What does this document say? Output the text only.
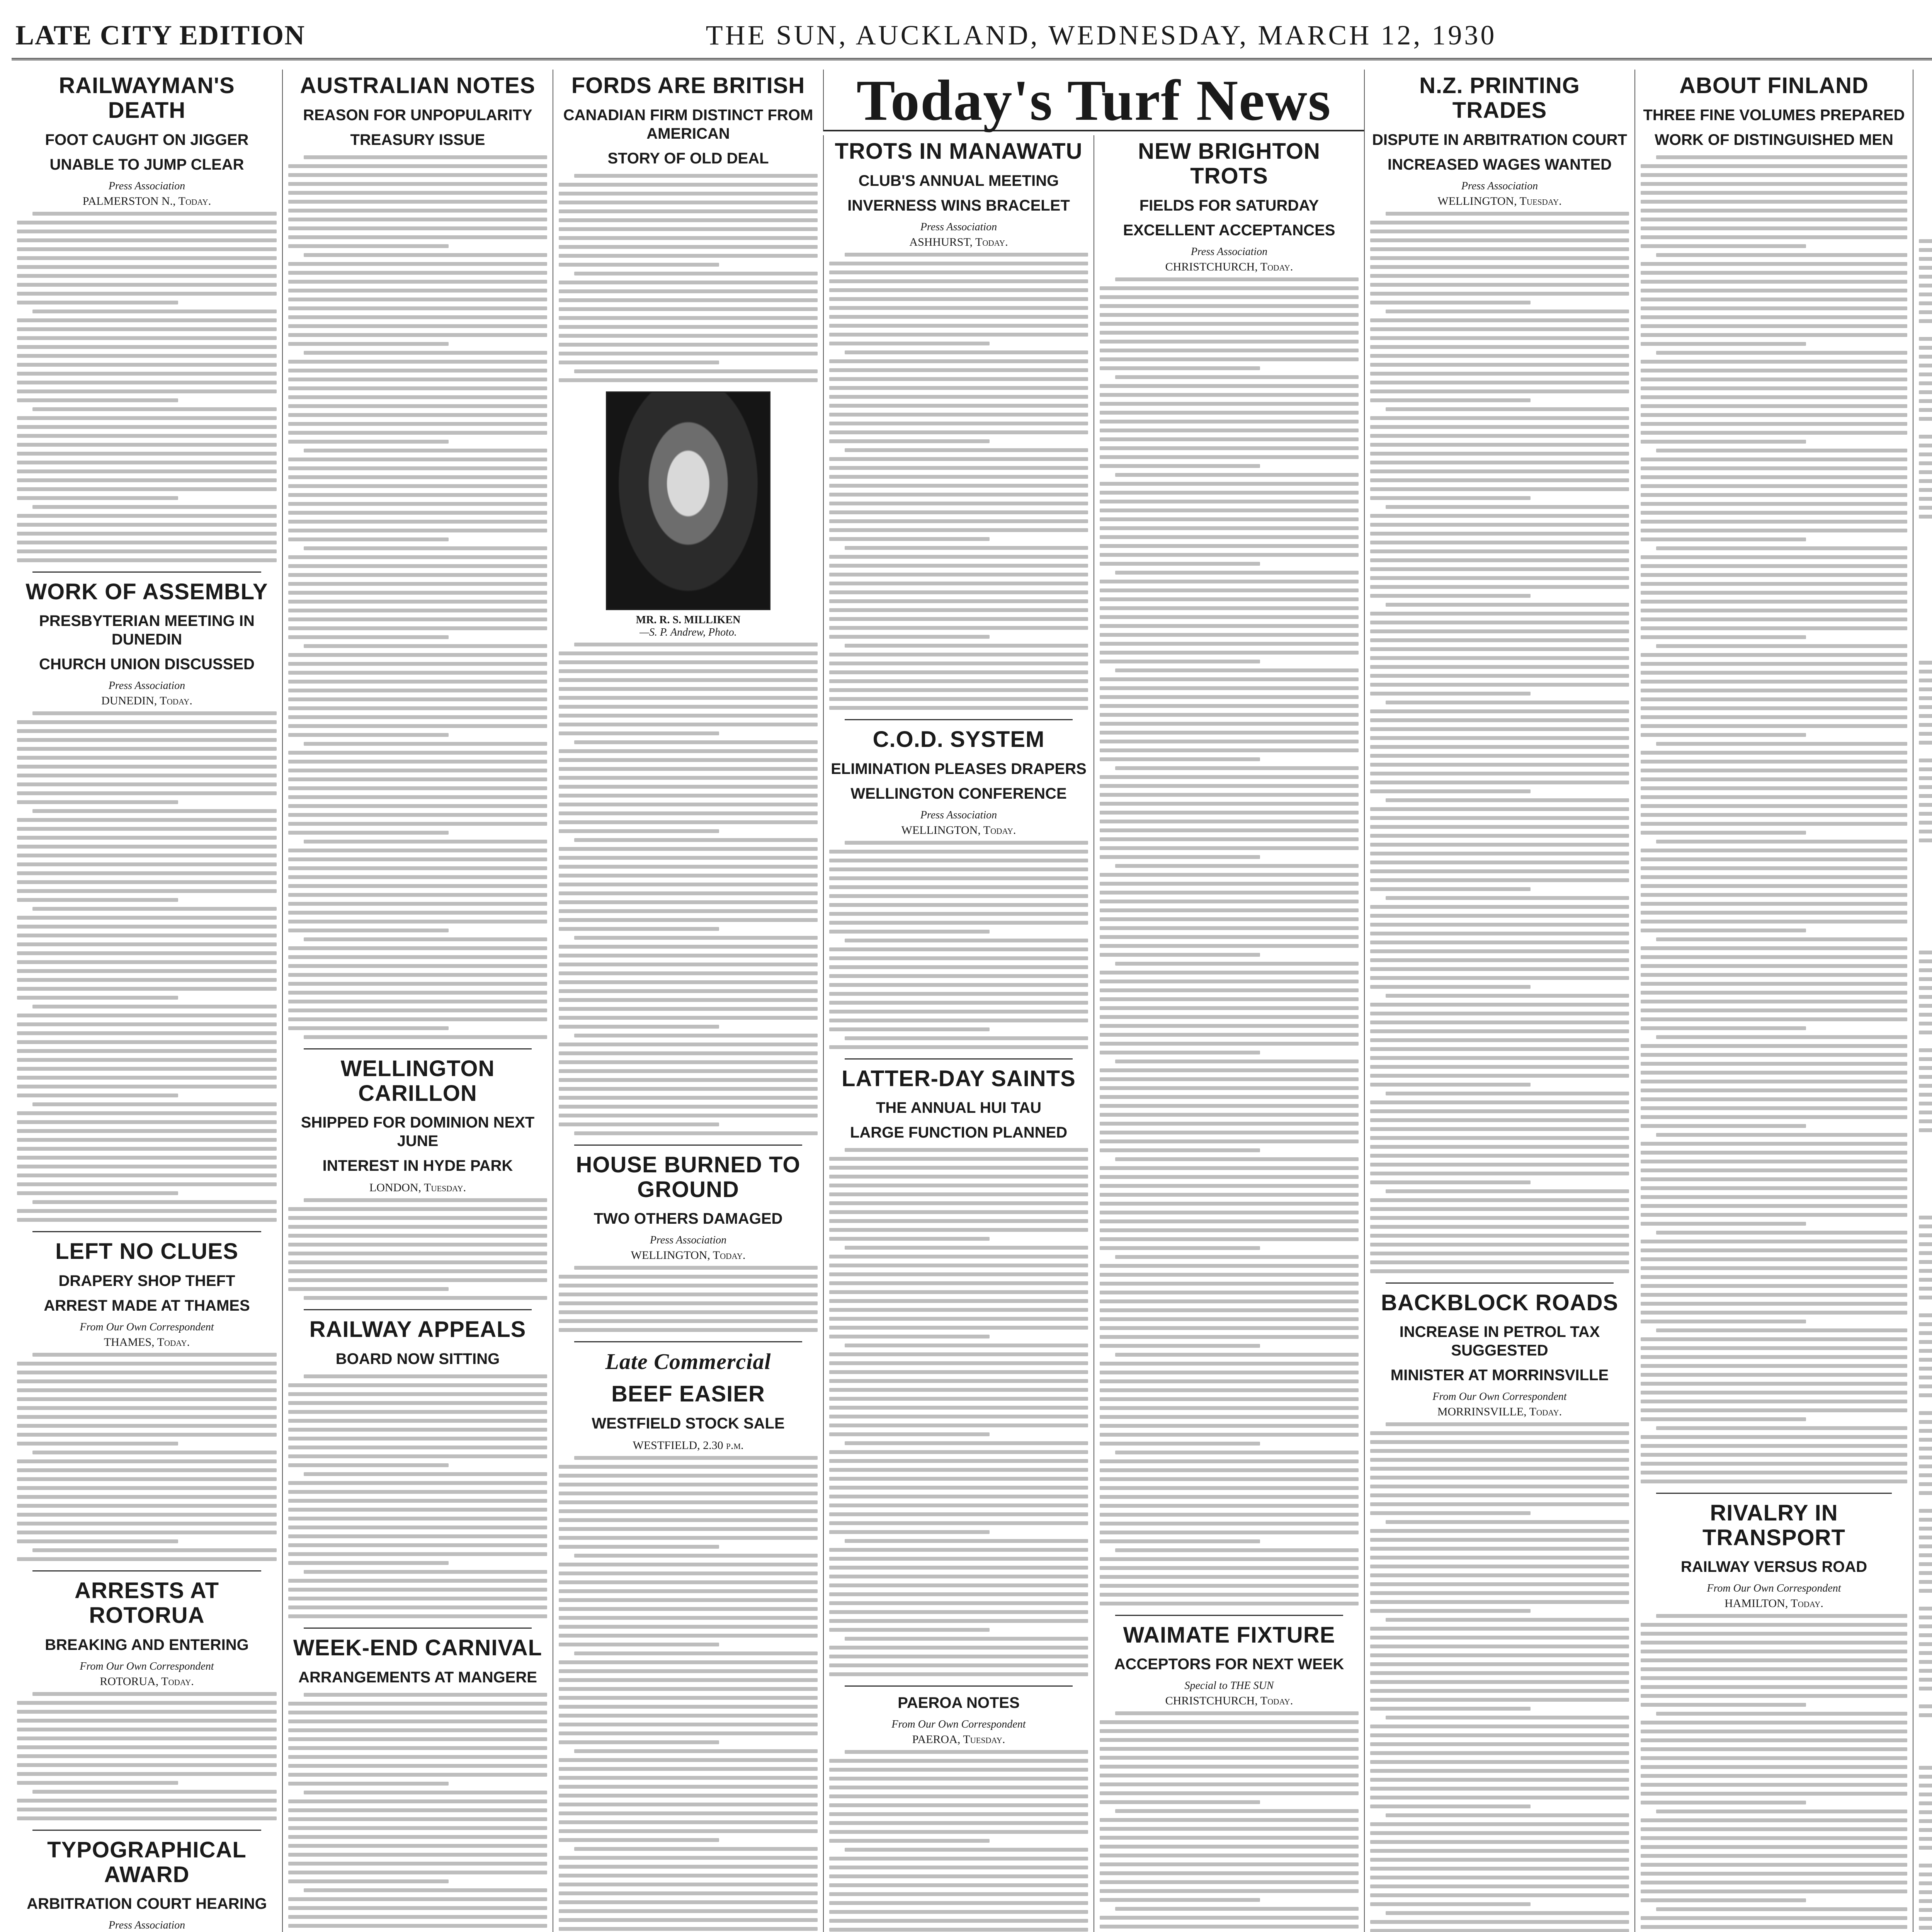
LATE CITY EDITION	THE SUN, AUCKLAND, WEDNESDAY, MARCH 12, 1930
RAILWAYMAN'S DEATH
FOOT CAUGHT ON JIGGER
UNABLE TO JUMP CLEAR
Press Association
PALMERSTON N., Today.
WORK OF ASSEMBLY
PRESBYTERIAN MEETING IN DUNEDIN
CHURCH UNION DISCUSSED
Press Association
DUNEDIN, Today.
LEFT NO CLUES
DRAPERY SHOP THEFT
ARREST MADE AT THAMES
From Our Own Correspondent
THAMES, Today.
ARRESTS AT ROTORUA
BREAKING AND ENTERING
From Our Own Correspondent
ROTORUA, Today.
TYPOGRAPHICAL AWARD
ARBITRATION COURT HEARING
Press Association
AUSTRALIAN NOTES
REASON FOR UNPOPULARITY
TREASURY ISSUE
WELLINGTON CARILLON
SHIPPED FOR DOMINION NEXT JUNE
INTEREST IN HYDE PARK
LONDON, Tuesday.
RAILWAY APPEALS
BOARD NOW SITTING
WEEK-END CARNIVAL
ARRANGEMENTS AT MANGERE
FORDS ARE BRITISH
CANADIAN FIRM DISTINCT FROM AMERICAN
STORY OF OLD DEAL
MR. R. S. MILLIKEN
—S. P. Andrew, Photo.
HOUSE BURNED TO GROUND
TWO OTHERS DAMAGED
Press Association
WELLINGTON, Today.
Late Commercial
BEEF EASIER
WESTFIELD STOCK SALE
WESTFIELD, 2.30 p.m.
Today's Turf News
TROTS IN MANAWATU
CLUB'S ANNUAL MEETING
INVERNESS WINS BRACELET
Press Association
ASHHURST, Today.
C.O.D. SYSTEM
ELIMINATION PLEASES DRAPERS
WELLINGTON CONFERENCE
Press Association
WELLINGTON, Today.
LATTER-DAY SAINTS
THE ANNUAL HUI TAU
LARGE FUNCTION PLANNED
PAEROA NOTES
From Our Own Correspondent
PAEROA, Tuesday.
NEW BRIGHTON TROTS
FIELDS FOR SATURDAY
EXCELLENT ACCEPTANCES
Press Association
CHRISTCHURCH, Today.
WAIMATE FIXTURE
ACCEPTORS FOR NEXT WEEK
Special to THE SUN
CHRISTCHURCH, Today.
N.Z. PRINTING TRADES
DISPUTE IN ARBITRATION COURT
INCREASED WAGES WANTED
Press Association
WELLINGTON, Tuesday.
BACKBLOCK ROADS
INCREASE IN PETROL TAX SUGGESTED
MINISTER AT MORRINSVILLE
From Our Own Correspondent
MORRINSVILLE, Today.
ABOUT FINLAND
THREE FINE VOLUMES PREPARED
WORK OF DISTINGUISHED MEN
RIVALRY IN TRANSPORT
RAILWAY VERSUS ROAD
From Our Own Correspondent
HAMILTON, Today.
